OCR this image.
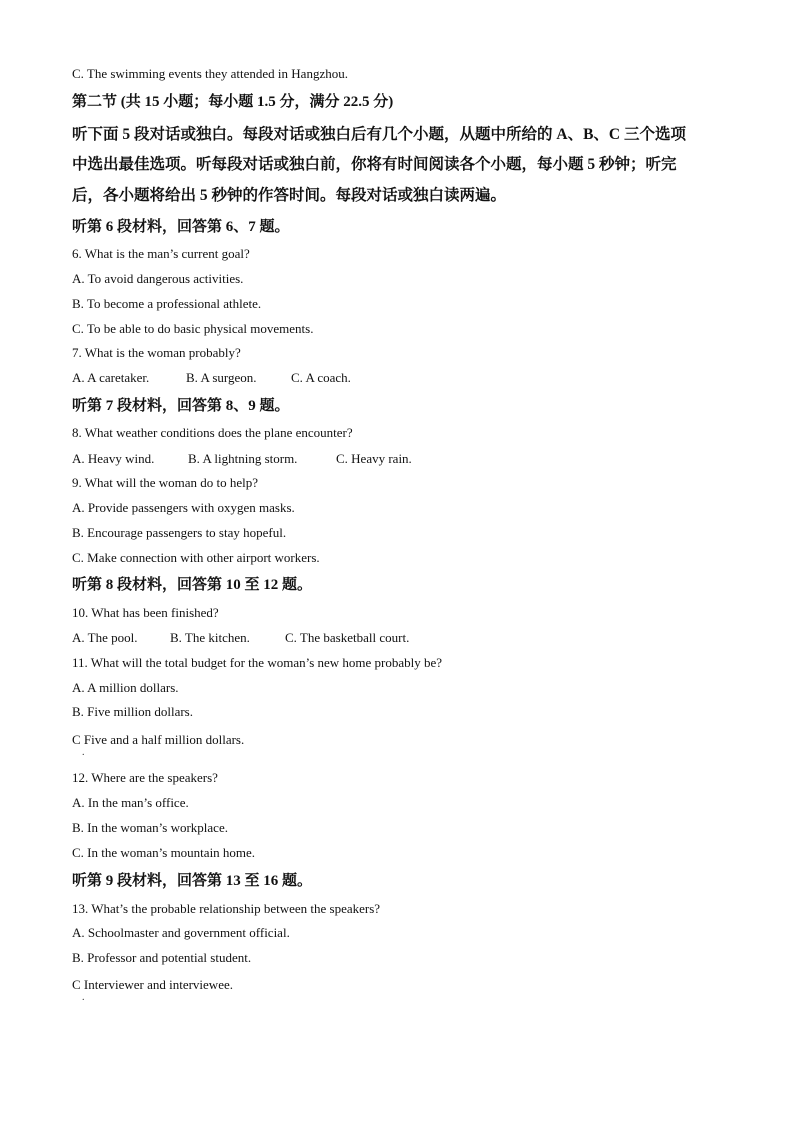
C. The swimming events they attended in Hangzhou.
第二节 (共 15 小题；每小题 1.5 分，满分 22.5 分)
听下面 5 段对话或独白。每段对话或独白后有几个小题，从题中所给的 A、B、C 三个选项
中选出最佳选项。听每段对话或独白前，你将有时间阅读各个小题，每小题 5 秒钟；听完
后，各小题将给出 5 秒钟的作答时间。每段对话或独白读两遍。
听第 6 段材料，回答第 6、7 题。
6. What is the man’s current goal?
A. To avoid dangerous activities.
B. To become a professional athlete.
C. To be able to do basic physical movements.
7. What is the woman probably?
A. A caretaker.	B. A surgeon.	C. A coach.
听第 7 段材料，回答第 8、9 题。
8. What weather conditions does the plane encounter?
A. Heavy wind.	B. A lightning storm.	C. Heavy rain.
9. What will the woman do to help?
A. Provide passengers with oxygen masks.
B. Encourage passengers to stay hopeful.
C. Make connection with other airport workers.
听第 8 段材料，回答第 10 至 12 题。
10. What has been finished?
A. The pool.	B. The kitchen.	C. The basketball court.
11. What will the total budget for the woman’s new home probably be?
A. A million dollars.
B. Five million dollars.
C Five and a half million dollars.
.
12. Where are the speakers?
A. In the man’s office.
B. In the woman’s workplace.
C. In the woman’s mountain home.
听第 9 段材料，回答第 13 至 16 题。
13. What’s the probable relationship between the speakers?
A. Schoolmaster and government official.
B. Professor and potential student.
C Interviewer and interviewee.
.
